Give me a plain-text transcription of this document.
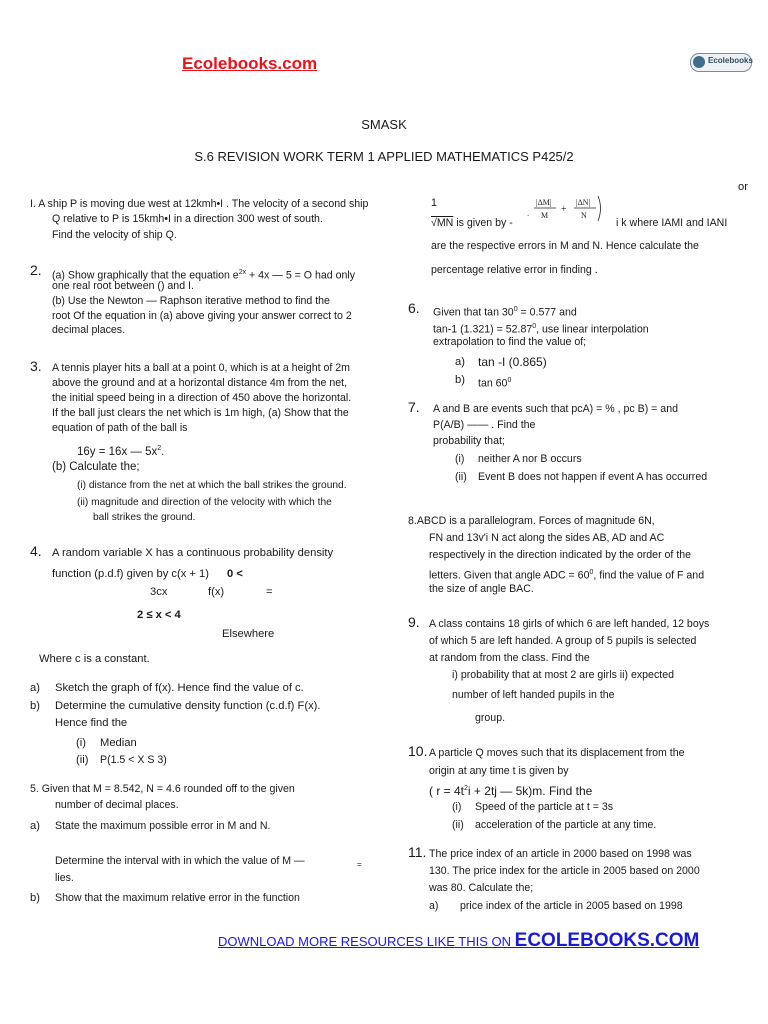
Ecolebooks.com	Ecolebooks
SMASK
S.6 REVISION WORK TERM 1 APPLIED MATHEMATICS P425/2
I. A ship P is moving due west at 12kmh•I . The velocity of a second ship
Q relative to P is 15kmh•I in a direction 300 west of south.
Find the velocity of ship Q.
2. (a) Show graphically that the equation $e^{2x} + 4x$ — 5 = O had only
one real root between () and I.
(b) Use the Newton — Raphson iterative method to find the
root Of the equation in (a) above giving your answer correct to 2
decimal places.
3. A tennis player hits a ball at a point 0, which is at a height of 2m
above the ground and at a horizontal distance 4m from the net,
the initial speed being in a direction of 450 above the horizontal.
If the ball just clears the net which is 1m high, (a) Show that the
equation of path of the ball is
16y = 16x — $5x^2$.
(b) Calculate the;
(i) distance from the net at which the ball strikes the ground.
(ii) magnitude and direction of the velocity with which the
ball strikes the ground.
4. A random variable X has a continuous probability density
function (p.d.f) given by c(x + 1) 0 <
3cx	f(x)	=
2 ≤ x < 4
Elsewhere
Where c is a constant.
a) Sketch the graph of f(x). Hence find the value of c.
b) Determine the cumulative density function (c.d.f) F(x).
Hence find the
(i) Median
(ii) P(1.5 < X S 3)
5. Given that M = 8.542, N = 4.6 rounded off to the given
number of decimal places.
a) State the maximum possible error in M and N.
Determine the interval with in which the value of M —	=
lies.
b) Show that the maximum relative error in the function
or
1
√MN is given by -
|ΔM|
M
+
|ΔN|
N
.
i k where IAMI and IANI
are the respective errors in M and N. Hence calculate the
percentage relative error in finding .
6. Given that $\tan 30^0 = 0.577$ and
tan-1 $(1.321) = 52.87^0$, use linear interpolation
extrapolation to find the value of;
a) tan -I (0.865)
b) $\tan 60^0$
7. A and B are events such that pcA) = % , pc B) = and
P(A/B) —— . Find the
probability that;
(i) neither A nor B occurs
(ii) Event B does not happen if event A has occurred
8.ABCD is a parallelogram. Forces of magnitude 6N,
FN and 13v'i N act along the sides AB, AD and AC
respectively in the direction indicated by the order of the
letters. Given that angle ADC = $60^0$, find the value of F and
the size of angle BAC.
9. A class contains 18 girls of which 6 are left handed, 12 boys
of which 5 are left handed. A group of 5 pupils is selected
at random from the class. Find the
i) probability that at most 2 are girls ii) expected
number of left handed pupils in the
group.
10. A particle Q moves such that its displacement from the
origin at any time t is given by
( $r = 4t^2i + 2tj$ — 5k)m. Find the
(i) Speed of the particle at t = 3s
(ii) acceleration of the particle at any time.
11. The price index of an article in 2000 based on 1998 was
130. The price index for the article in 2005 based on 2000
was 80. Calculate the;
a) price index of the article in 2005 based on 1998
DOWNLOAD MORE RESOURCES LIKE THIS ON ECOLEBOOKS.COM
